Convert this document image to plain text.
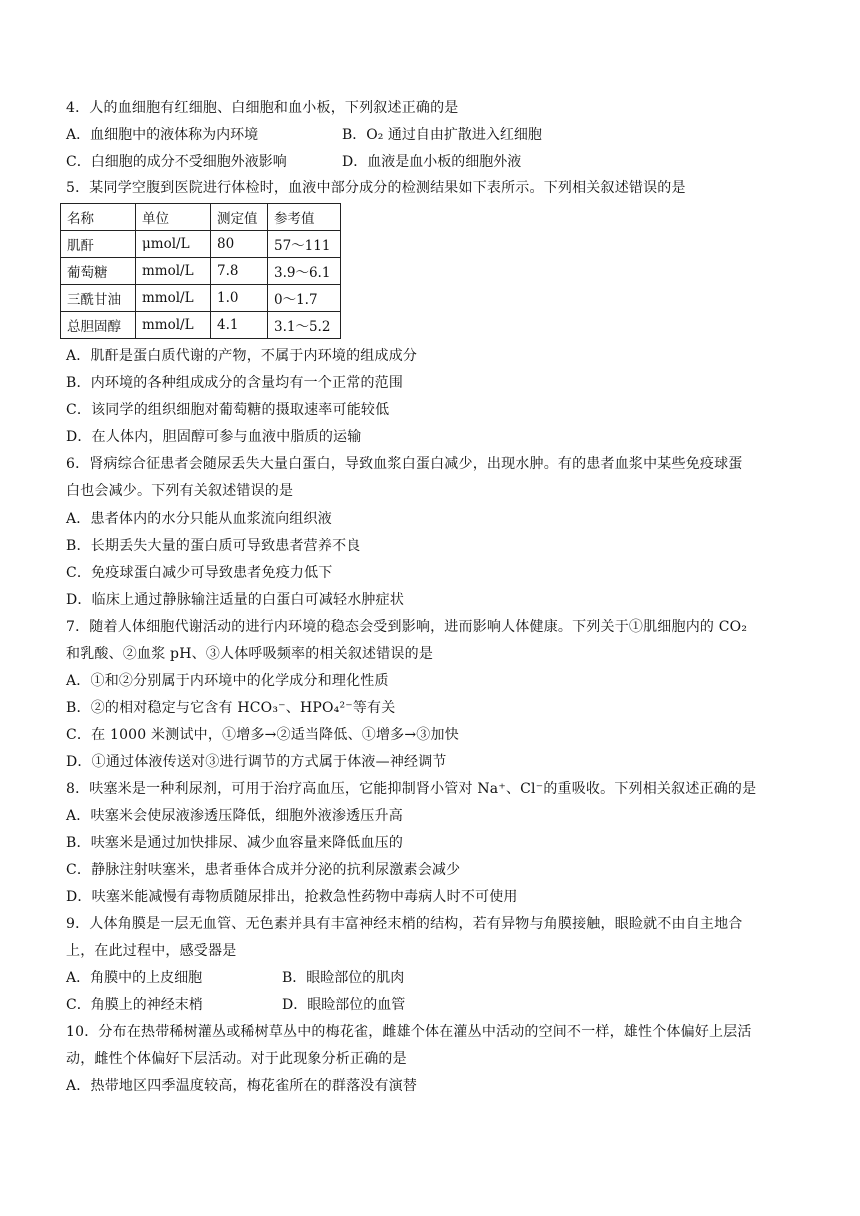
4．人的血细胞有红细胞、白细胞和血小板，下列叙述正确的是
A．血细胞中的液体称为内环境	B．O₂ 通过自由扩散进入红细胞
C．白细胞的成分不受细胞外液影响	D．血液是血小板的细胞外液
5．某同学空腹到医院进行体检时，血液中部分成分的检测结果如下表所示。下列相关叙述错误的是
名称	单位	测定值	参考值
肌酐	μmol/L	80	57～111
葡萄糖	mmol/L	7.8	3.9～6.1
三酰甘油	mmol/L	1.0	0～1.7
总胆固醇	mmol/L	4.1	3.1～5.2
A．肌酐是蛋白质代谢的产物，不属于内环境的组成成分
B．内环境的各种组成成分的含量均有一个正常的范围
C．该同学的组织细胞对葡萄糖的摄取速率可能较低
D．在人体内，胆固醇可参与血液中脂质的运输
6．肾病综合征患者会随尿丢失大量白蛋白，导致血浆白蛋白减少，出现水肿。有的患者血浆中某些免疫球蛋
白也会减少。下列有关叙述错误的是
A．患者体内的水分只能从血浆流向组织液
B．长期丢失大量的蛋白质可导致患者营养不良
C．免疫球蛋白减少可导致患者免疫力低下
D．临床上通过静脉输注适量的白蛋白可减轻水肿症状
7．随着人体细胞代谢活动的进行内环境的稳态会受到影响，进而影响人体健康。下列关于①肌细胞内的 CO₂
和乳酸、②血浆 pH、③人体呼吸频率的相关叙述错误的是
A．①和②分别属于内环境中的化学成分和理化性质
B．②的相对稳定与它含有 HCO₃⁻、HPO₄²⁻等有关
C．在 1000 米测试中，①增多→②适当降低、①增多→③加快
D．①通过体液传送对③进行调节的方式属于体液—神经调节
8．呋塞米是一种利尿剂，可用于治疗高血压，它能抑制肾小管对 Na⁺、Cl⁻的重吸收。下列相关叙述正确的是
A．呋塞米会使尿液渗透压降低，细胞外液渗透压升高
B．呋塞米是通过加快排尿、减少血容量来降低血压的
C．静脉注射呋塞米，患者垂体合成并分泌的抗利尿激素会减少
D．呋塞米能减慢有毒物质随尿排出，抢救急性药物中毒病人时不可使用
9．人体角膜是一层无血管、无色素并具有丰富神经末梢的结构，若有异物与角膜接触，眼睑就不由自主地合
上，在此过程中，感受器是
A．角膜中的上皮细胞	B．眼睑部位的肌肉
C．角膜上的神经末梢	D．眼睑部位的血管
10．分布在热带稀树灌丛或稀树草丛中的梅花雀，雌雄个体在灌丛中活动的空间不一样，雄性个体偏好上层活
动，雌性个体偏好下层活动。对于此现象分析正确的是
A．热带地区四季温度较高，梅花雀所在的群落没有演替
